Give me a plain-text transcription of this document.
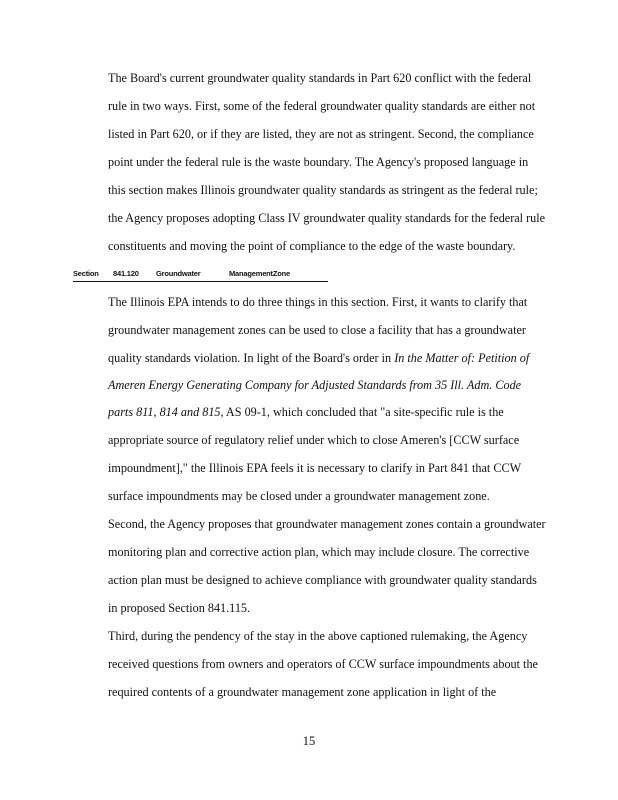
The Board's current groundwater quality standards in Part 620 conflict with the federal
rule in two ways. First, some of the federal groundwater quality standards are either not
listed in Part 620, or if they are listed, they are not as stringent. Second, the compliance
point under the federal rule is the waste boundary. The Agency's proposed language in
this section makes Illinois groundwater quality standards as stringent as the federal rule;
the Agency proposes adopting Class IV groundwater quality standards for the federal rule
constituents and moving the point of compliance to the edge of the waste boundary.
Section 841.120 Groundwater	ManagementZone
The Illinois EPA intends to do three things in this section. First, it wants to clarify that
groundwater management zones can be used to close a facility that has a groundwater
quality standards violation. In light of the Board's order in In the Matter of: Petition of
Ameren Energy Generating Company for Adjusted Standards from 35 Ill. Adm. Code
parts 811, 814 and 815, AS 09-1, which concluded that "a site-specific rule is the
appropriate source of regulatory relief under which to close Ameren's [CCW surface
impoundment]," the Illinois EPA feels it is necessary to clarify in Part 841 that CCW
surface impoundments may be closed under a groundwater management zone.
Second, the Agency proposes that groundwater management zones contain a groundwater
monitoring plan and corrective action plan, which may include closure. The corrective
action plan must be designed to achieve compliance with groundwater quality standards
in proposed Section 841.115.
Third, during the pendency of the stay in the above captioned rulemaking, the Agency
received questions from owners and operators of CCW surface impoundments about the
required contents of a groundwater management zone application in light of the
15
